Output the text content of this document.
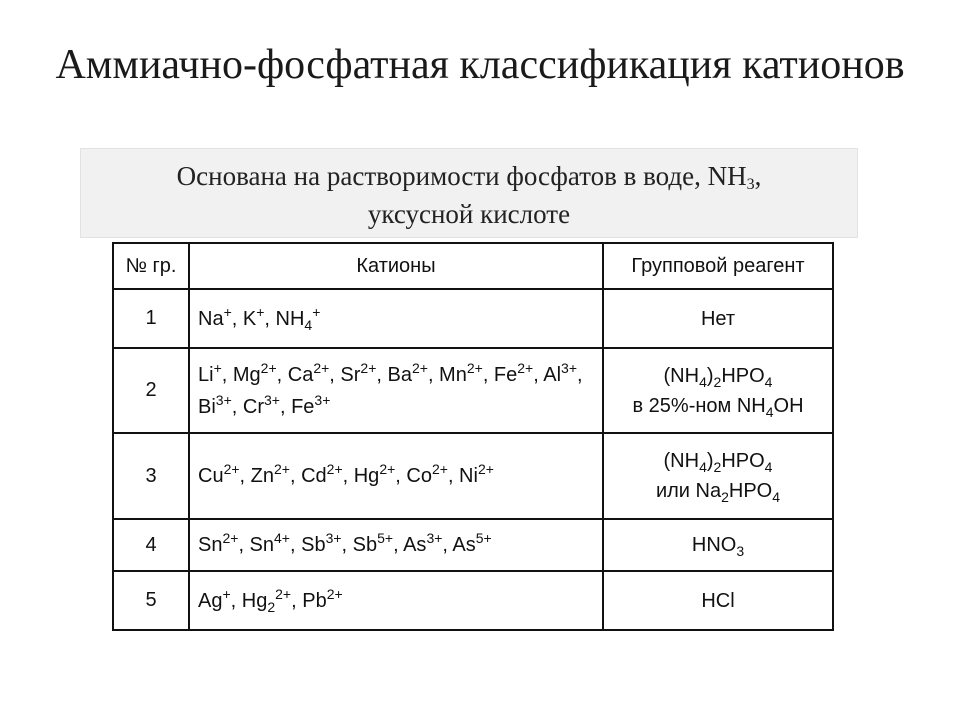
Аммиачно-фосфатная классификация катионов
Основана на растворимости фосфатов в воде, $NH_3$,
уксусной кислоте
№ гр.	Катионы	Групповой реагент
1	Na+, K+, $NH_4^+$	Нет
2	Li+, $Mg^{2+}$, $Ca^{2+}$, $Sr^{2+}$, $Ba^{2+}$, $Mn^{2+}$, $Fe^{2+}$, $Al^{3+}$, $Bi^{3+}$, $Cr^{3+}$, $Fe^{3+}$	$(NH_4)_2HPO_4$
в 25%-ном $NH_4OH$
3	$Cu^{2+}$, $Zn^{2+}$, $Cd^{2+}$, $Hg^{2+}$, $Co^{2+}$, $Ni^{2+}$	$(NH_4)_2HPO_4$
или $Na_2HPO_4$
4	$Sn^{2+}$, $Sn^{4+}$, $Sb^{3+}$, $Sb^{5+}$, $As^{3+}$, $As^{5+}$	$HNO_3$
5	Ag+, $Hg_2^{2+}$, $Pb^{2+}$	HCl
